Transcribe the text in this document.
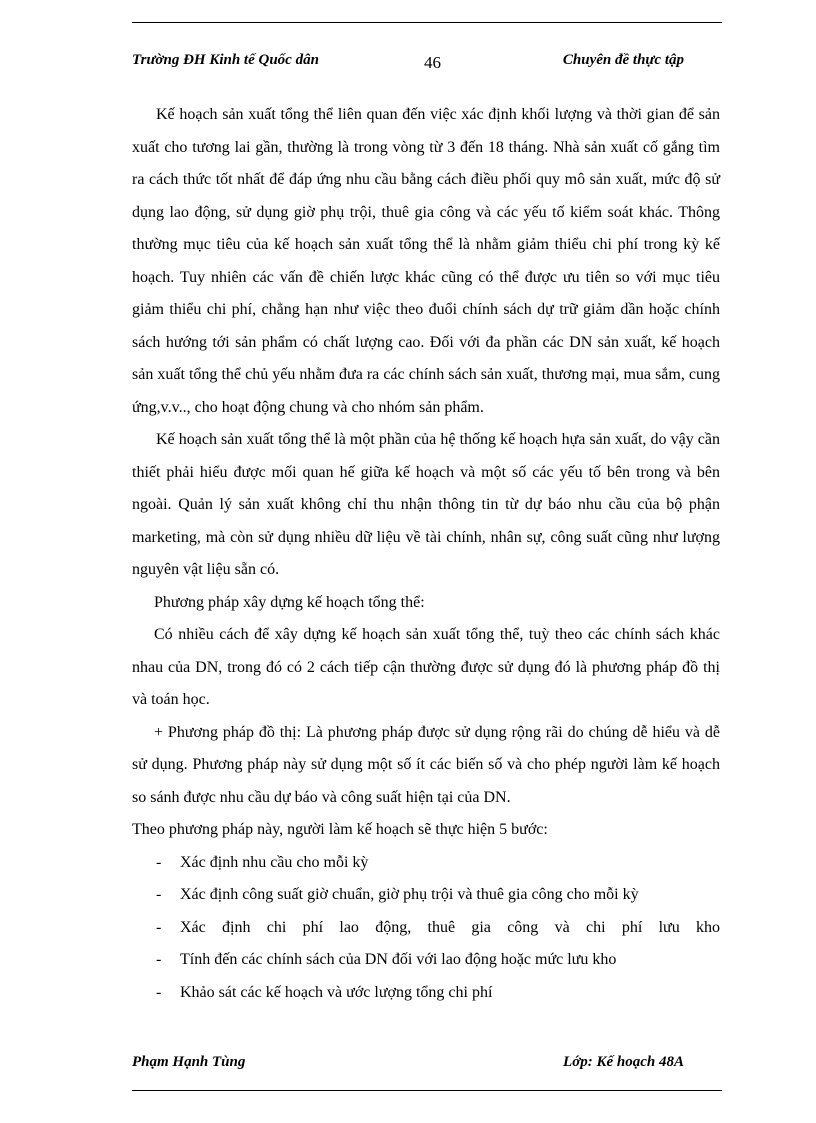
Trường ĐH Kinh tế Quốc dân	46	Chuyên đề thực tập

Kế hoạch sản xuất tổng thể liên quan đến việc xác định khối lượng và thời gian để sản xuất cho tương lai gần, thường là trong vòng từ 3 đến 18 tháng. Nhà sản xuất cố gắng tìm ra cách thức tốt nhất để đáp ứng nhu cầu bằng cách điều phối quy mô sản xuất, mức độ sử dụng lao động, sử dụng giờ phụ trội, thuê gia công và các yếu tố kiểm soát khác. Thông thường mục tiêu của kế hoạch sản xuất tổng thể là nhằm giảm thiểu chi phí trong kỳ kế hoạch. Tuy nhiên các vấn đề chiến lược khác cũng có thể được ưu tiên so với mục tiêu giảm thiểu chi phí, chẳng hạn như việc theo đuổi chính sách dự trữ giảm dần hoặc chính sách hướng tới sản phẩm có chất lượng cao. Đối với đa phần các DN sản xuất, kế hoạch sản xuất tổng thể chủ yếu nhằm đưa ra các chính sách sản xuất, thương mại, mua sắm, cung ứng,v.v.., cho hoạt động chung và cho nhóm sản phẩm.

Kế hoạch sản xuất tổng thể là một phần của hệ thống kế hoạch hựa sản xuất, do vậy cần thiết phải hiểu được mối quan hế giữa kế hoạch và một số các yếu tố bên trong và bên ngoài. Quản lý sản xuất không chỉ thu nhận thông tin từ dự báo nhu cầu của bộ phận marketing, mà còn sử dụng nhiều dữ liệu về tài chính, nhân sự, công suất cũng như lượng nguyên vật liệu sẵn có.

Phương pháp xây dựng kế hoạch tổng thể:

Có nhiều cách để xây dựng kế hoạch sản xuất tổng thể, tuỳ theo các chính sách khác nhau của DN, trong đó có 2 cách tiếp cận thường được sử dụng đó là phương pháp đồ thị và toán học.

+ Phương pháp đồ thị: Là phương pháp được sử dụng rộng rãi do chúng dễ hiểu và dễ sử dụng. Phương pháp này sử dụng một số ít các biến số và cho phép người làm kế hoạch so sánh được nhu cầu dự báo và công suất hiện tại của DN.

Theo phương pháp này, người làm kế hoạch sẽ thực hiện 5 bước:

- Xác định nhu cầu cho mỗi kỳ
- Xác định công suất giờ chuẩn, giờ phụ trội và thuê gia công cho mỗi kỳ
- Xác định chi phí lao động, thuê gia công và chi phí lưu kho
- Tính đến các chính sách của DN đối với lao động hoặc mức lưu kho
- Khảo sát các kế hoạch và ước lượng tổng chi phí
Phạm Hạnh Tùng	Lớp: Kế hoạch 48A
